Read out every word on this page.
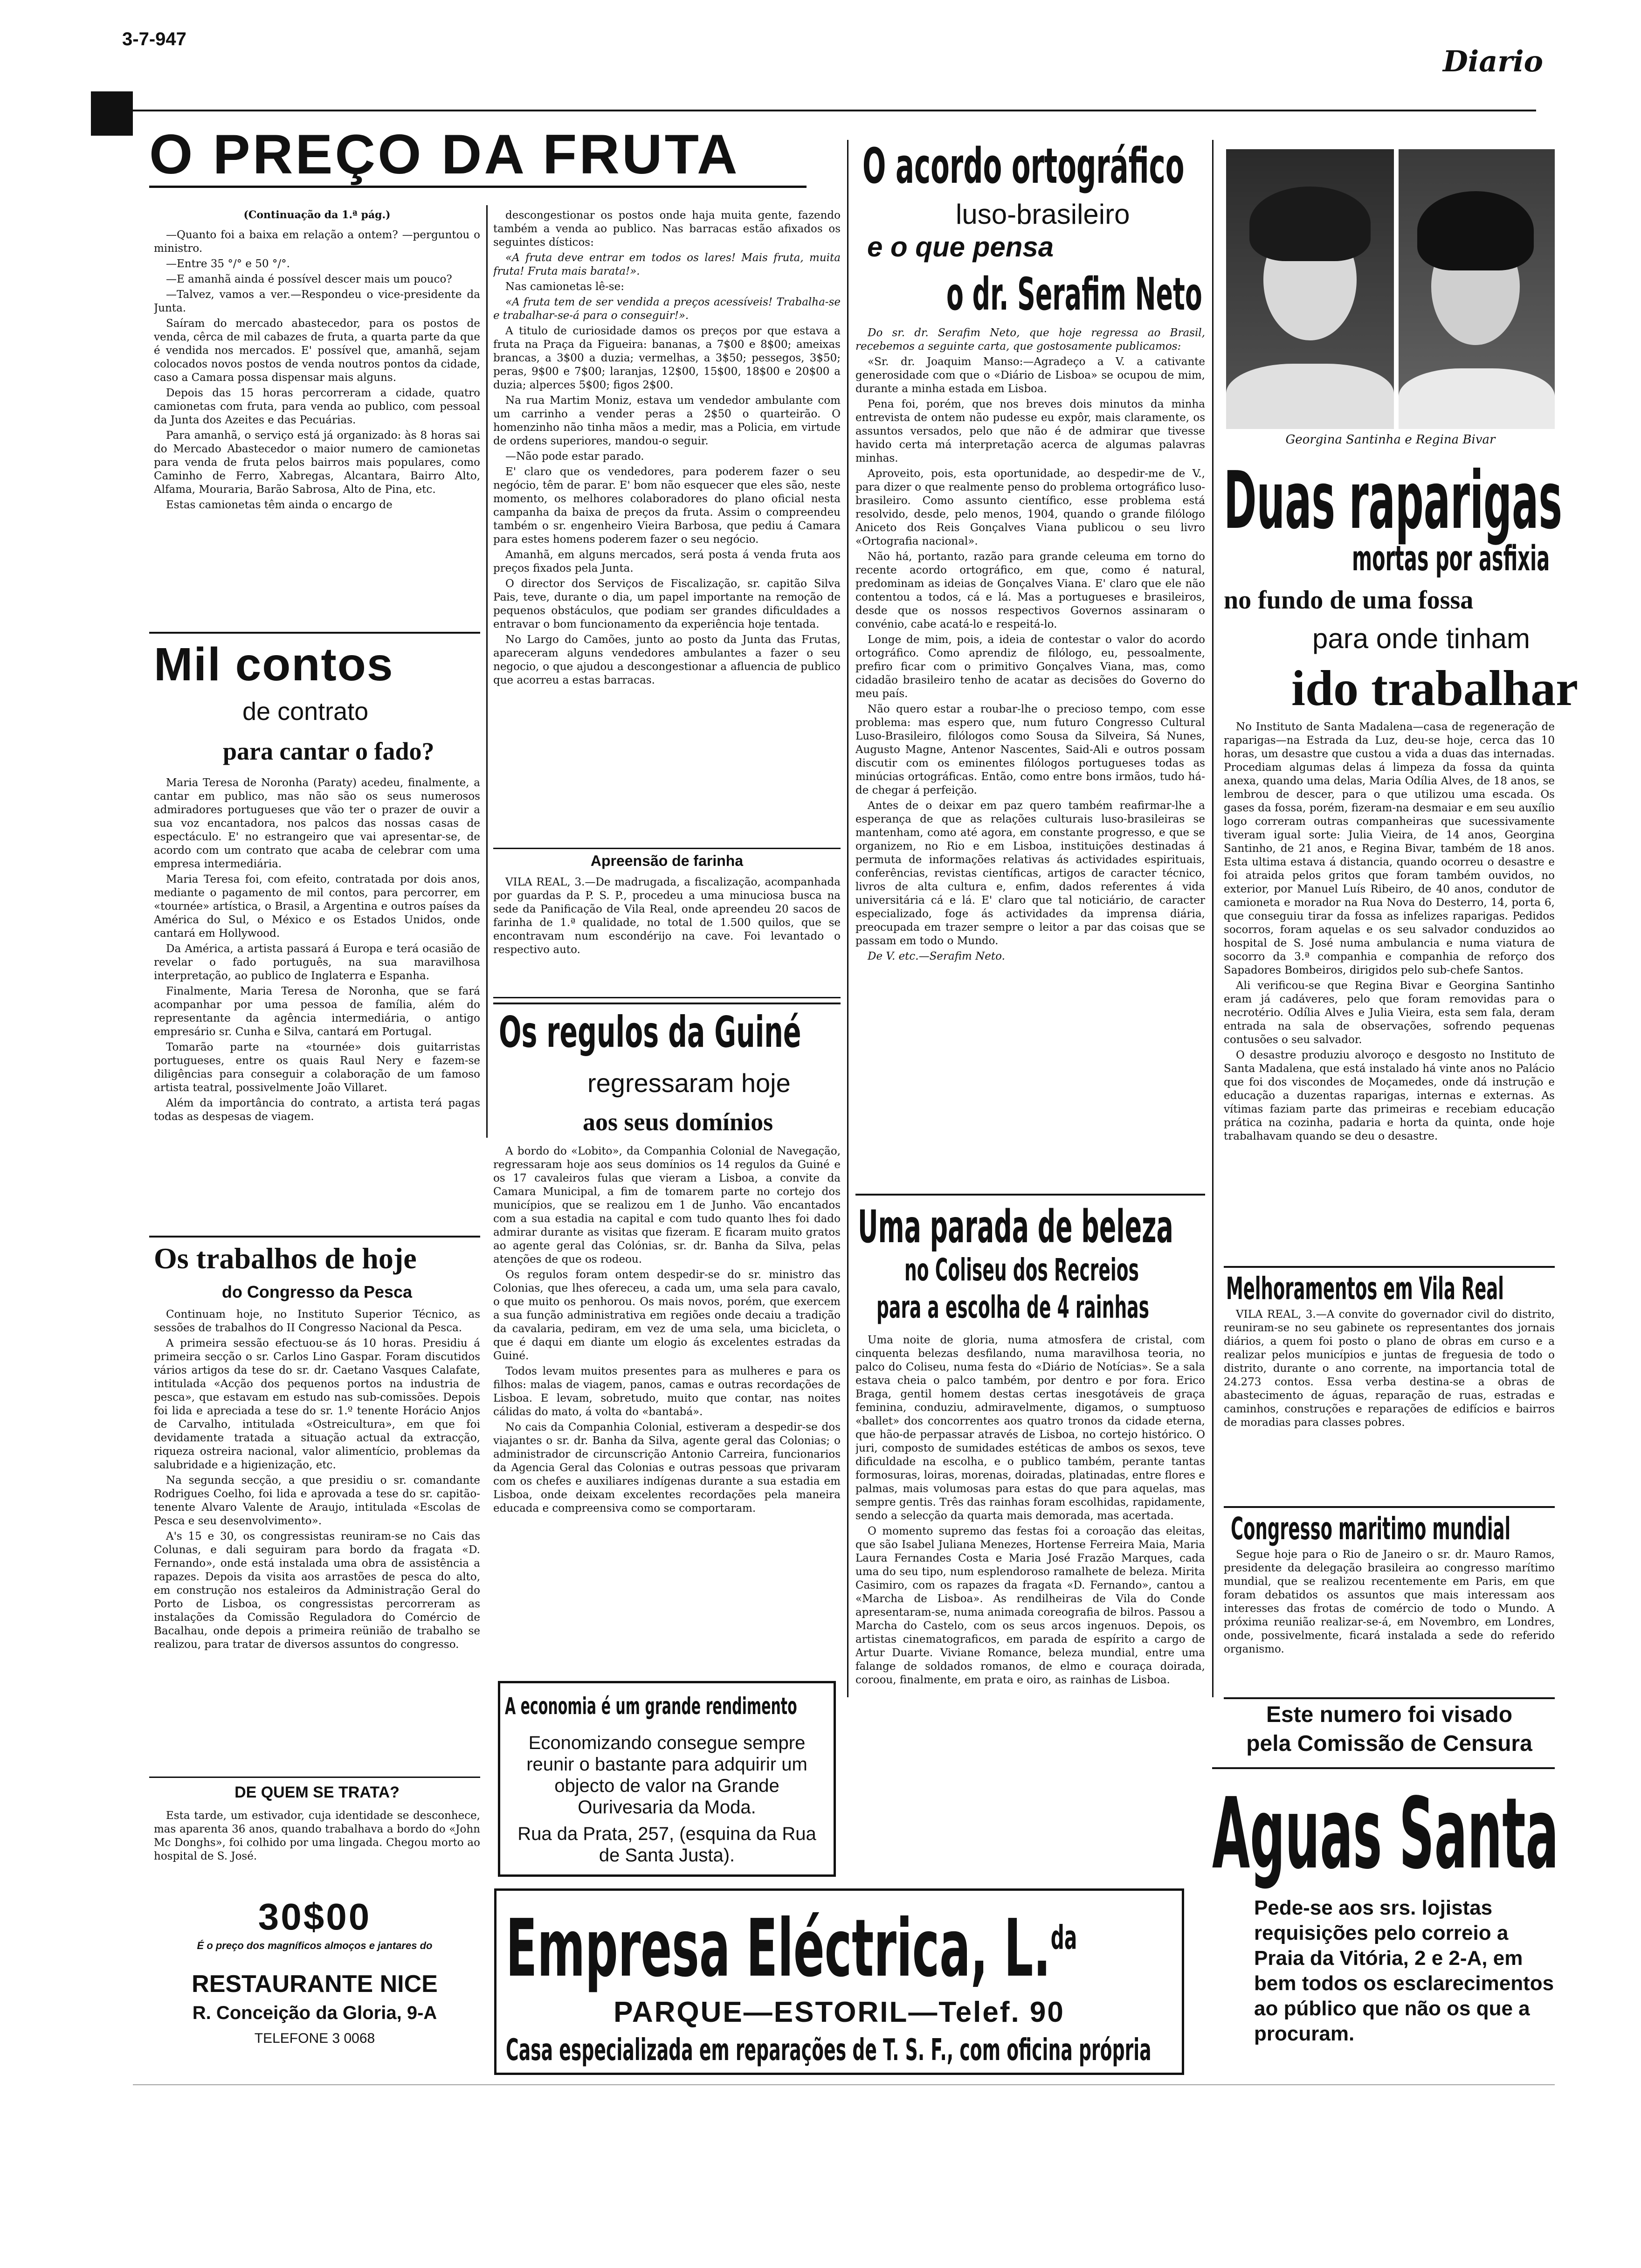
3-7-947
Diario
O PREÇO DA FRUTA
(Continuação da 1.ª pág.)

—Quanto foi a baixa em relação a ontem? —perguntou o ministro.

—Entre 35 °/° e 50 °/°.

—E amanhã ainda é possível descer mais um pouco?

—Talvez, vamos a ver.—Respondeu o vice-presidente da Junta.

Saíram do mercado abastecedor, para os postos de venda, cêrca de mil cabazes de fruta, a quarta parte da que é vendida nos mercados. E' possível que, amanhã, sejam colocados novos postos de venda noutros pontos da cidade, caso a Camara possa dispensar mais alguns.

Depois das 15 horas percorreram a cidade, quatro camionetas com fruta, para venda ao publico, com pessoal da Junta dos Azeites e das Pecuárias.

Para amanhã, o serviço está já organizado: às 8 horas sai do Mercado Abastecedor o maior numero de camionetas para venda de fruta pelos bairros mais populares, como Caminho de Ferro, Xabregas, Alcantara, Bairro Alto, Alfama, Mouraria, Barão Sabrosa, Alto de Pina, etc.

Estas camionetas têm ainda o encargo de

descongestionar os postos onde haja muita gente, fazendo também a venda ao publico. Nas barracas estão afixados os seguintes dísticos:

«A fruta deve entrar em todos os lares! Mais fruta, muita fruta! Fruta mais barata!».

Nas camionetas lê-se:

«A fruta tem de ser vendida a preços acessíveis! Trabalha-se e trabalhar-se-á para o conseguir!».

A titulo de curiosidade damos os preços por que estava a fruta na Praça da Figueira: bananas, a 7$00 e 8$00; ameixas brancas, a 3$00 a duzia; vermelhas, a 3$50; pessegos, 3$50; peras, 9$00 e 7$00; laranjas, 12$00, 15$00, 18$00 e 20$00 a duzia; alperces 5$00; figos 2$00.

Na rua Martim Moniz, estava um vendedor ambulante com um carrinho a vender peras a 2$50 o quarteirão. O homenzinho não tinha mãos a medir, mas a Policia, em virtude de ordens superiores, mandou-o seguir.

—Não pode estar parado.

E' claro que os vendedores, para poderem fazer o seu negócio, têm de parar. E' bom não esquecer que eles são, neste momento, os melhores colaboradores do plano oficial nesta campanha da baixa de preços da fruta. Assim o compreendeu também o sr. engenheiro Vieira Barbosa, que pediu á Camara para estes homens poderem fazer o seu negócio.

Amanhã, em alguns mercados, será posta á venda fruta aos preços fixados pela Junta.

O director dos Serviços de Fiscalização, sr. capitão Silva Pais, teve, durante o dia, um papel importante na remoção de pequenos obstáculos, que podiam ser grandes dificuldades a entravar o bom funcionamento da experiência hoje tentada.

No Largo do Camões, junto ao posto da Junta das Frutas, apareceram alguns vendedores ambulantes a fazer o seu negocio, o que ajudou a descongestionar a afluencia de publico que acorreu a estas barracas.

Apreensão de farinha

VILA REAL, 3.—De madrugada, a fiscalização, acompanhada por guardas da P. S. P., procedeu a uma minuciosa busca na sede da Panificação de Vila Real, onde apreendeu 20 sacos de farinha de 1.ª qualidade, no total de 1.500 quilos, que se encontravam num escondérijo na cave. Foi levantado o respectivo auto.

Mil contos
de contrato
para cantar o fado?

Maria Teresa de Noronha (Paraty) acedeu, finalmente, a cantar em publico, mas não são os seus numerosos admiradores portugueses que vão ter o prazer de ouvir a sua voz encantadora, nos palcos das nossas casas de espectáculo. E' no estrangeiro que vai apresentar-se, de acordo com um contrato que acaba de celebrar com uma empresa intermediária.

Maria Teresa foi, com efeito, contratada por dois anos, mediante o pagamento de mil contos, para percorrer, em «tournée» artística, o Brasil, a Argentina e outros países da América do Sul, o México e os Estados Unidos, onde cantará em Hollywood.

Da América, a artista passará á Europa e terá ocasião de revelar o fado português, na sua maravilhosa interpretação, ao publico de Inglaterra e Espanha.

Finalmente, Maria Teresa de Noronha, que se fará acompanhar por uma pessoa de família, além do representante da agência intermediária, o antigo empresário sr. Cunha e Silva, cantará em Portugal.

Tomarão parte na «tournée» dois guitarristas portugueses, entre os quais Raul Nery e fazem-se diligências para conseguir a colaboração de um famoso artista teatral, possivelmente João Villaret.

Além da importância do contrato, a artista terá pagas todas as despesas de viagem.

Os trabalhos de hoje
do Congresso da Pesca

Continuam hoje, no Instituto Superior Técnico, as sessões de trabalhos do II Congresso Nacional da Pesca.

A primeira sessão efectuou-se ás 10 horas. Presidiu á primeira secção o sr. Carlos Lino Gaspar. Foram discutidos vários artigos da tese do sr. dr. Caetano Vasques Calafate, intitulada «Acção dos pequenos portos na industria de pesca», que estavam em estudo nas sub-comissões. Depois foi lida e apreciada a tese do sr. 1.º tenente Horácio Anjos de Carvalho, intitulada «Ostreicultura», em que foi devidamente tratada a situação actual da extracção, riqueza ostreira nacional, valor alimentício, problemas da salubridade e a higienização, etc.

Na segunda secção, a que presidiu o sr. comandante Rodrigues Coelho, foi lida e aprovada a tese do sr. capitão-tenente Alvaro Valente de Araujo, intitulada «Escolas de Pesca e seu desenvolvimento».

A's 15 e 30, os congressistas reuniram-se no Cais das Colunas, e dali seguiram para bordo da fragata «D. Fernando», onde está instalada uma obra de assistência a rapazes. Depois da visita aos arrastões de pesca do alto, em construção nos estaleiros da Administração Geral do Porto de Lisboa, os congressistas percorreram as instalações da Comissão Reguladora do Comércio de Bacalhau, onde depois a primeira reünião de trabalho se realizou, para tratar de diversos assuntos do congresso.

DE QUEM SE TRATA?

Esta tarde, um estivador, cuja identidade se desconhece, mas aparenta 36 anos, quando trabalhava a bordo do «John Mc Donghs», foi colhido por uma lingada. Chegou morto ao hospital de S. José.

30$00
É o preço dos magníficos almoços e jantares do
RESTAURANTE NICE
R. Conceição da Gloria, 9-A
TELEFONE 3 0068
Os regulos da Guiné
regressaram hoje
aos seus domínios

A bordo do «Lobito», da Companhia Colonial de Navegação, regressaram hoje aos seus domínios os 14 regulos da Guiné e os 17 cavaleiros fulas que vieram a Lisboa, a convite da Camara Municipal, a fim de tomarem parte no cortejo dos municípios, que se realizou em 1 de Junho. Vão encantados com a sua estadia na capital e com tudo quanto lhes foi dado admirar durante as visitas que fizeram. E ficaram muito gratos ao agente geral das Colónias, sr. dr. Banha da Silva, pelas atenções de que os rodeou.

Os regulos foram ontem despedir-se do sr. ministro das Colonias, que lhes ofereceu, a cada um, uma sela para cavalo, o que muito os penhorou. Os mais novos, porém, que exercem a sua função administrativa em regiões onde decaiu a tradição da cavalaria, pediram, em vez de uma sela, uma bicicleta, o que é daqui em diante um elogio ás excelentes estradas da Guiné.

Todos levam muitos presentes para as mulheres e para os filhos: malas de viagem, panos, camas e outras recordações de Lisboa. E levam, sobretudo, muito que contar, nas noites cálidas do mato, á volta do «bantabá».

No cais da Companhia Colonial, estiveram a despedir-se dos viajantes o sr. dr. Banha da Silva, agente geral das Colonias; o administrador de circunscrição Antonio Carreira, funcionarios da Agencia Geral das Colonias e outras pessoas que privaram com os chefes e auxiliares indígenas durante a sua estadia em Lisboa, onde deixam excelentes recordações pela maneira educada e compreensiva como se comportaram.

A economia é um grande rendimento
Economizando consegue sempre reunir o bastante para adquirir um objecto de valor na Grande Ourivesaria da Moda.
Rua da Prata, 257, (esquina da Rua de Santa Justa).
O acordo ortográfico
luso-brasileiro
e o que pensa
o dr. Serafim Neto

Do sr. dr. Serafim Neto, que hoje regressa ao Brasil, recebemos a seguinte carta, que gostosamente publicamos:

«Sr. dr. Joaquim Manso:—Agradeço a V. a cativante generosidade com que o «Diário de Lisboa» se ocupou de mim, durante a minha estada em Lisboa.

Pena foi, porém, que nos breves dois minutos da minha entrevista de ontem não pudesse eu expôr, mais claramente, os assuntos versados, pelo que não é de admirar que tivesse havido certa má interpretação acerca de algumas palavras minhas.

Aproveito, pois, esta oportunidade, ao despedir-me de V., para dizer o que realmente penso do problema ortográfico luso-brasileiro. Como assunto científico, esse problema está resolvido, desde, pelo menos, 1904, quando o grande filólogo Aniceto dos Reis Gonçalves Viana publicou o seu livro «Ortografia nacional».

Não há, portanto, razão para grande celeuma em torno do recente acordo ortográfico, em que, como é natural, predominam as ideias de Gonçalves Viana. E' claro que ele não contentou a todos, cá e lá. Mas a portugueses e brasileiros, desde que os nossos respectivos Governos assinaram o convénio, cabe acatá-lo e respeitá-lo.

Longe de mim, pois, a ideia de contestar o valor do acordo ortográfico. Como aprendiz de filólogo, eu, pessoalmente, prefiro ficar com o primitivo Gonçalves Viana, mas, como cidadão brasileiro tenho de acatar as decisões do Governo do meu país.

Não quero estar a roubar-lhe o precioso tempo, com esse problema: mas espero que, num futuro Congresso Cultural Luso-Brasileiro, filólogos como Sousa da Silveira, Sá Nunes, Augusto Magne, Antenor Nascentes, Said-Ali e outros possam discutir com os eminentes filólogos portugueses todas as minúcias ortográficas. Então, como entre bons irmãos, tudo há-de chegar á perfeição.

Antes de o deixar em paz quero também reafirmar-lhe a esperança de que as relações culturais luso-brasileiras se mantenham, como até agora, em constante progresso, e que se organizem, no Rio e em Lisboa, instituições destinadas á permuta de informações relativas ás actividades espirituais, conferências, revistas científicas, artigos de caracter técnico, livros de alta cultura e, enfim, dados referentes á vida universitária cá e lá. E' claro que tal noticiário, de caracter especializado, foge ás actividades da imprensa diária, preocupada em trazer sempre o leitor a par das coisas que se passam em todo o Mundo.

De V. etc.—Serafim Neto.

Uma parada de beleza
no Coliseu dos Recreios
para a escolha de 4 rainhas

Uma noite de gloria, numa atmosfera de cristal, com cinquenta belezas desfilando, numa maravilhosa teoria, no palco do Coliseu, numa festa do «Diário de Notícias». Se a sala estava cheia o palco também, por dentro e por fora. Erico Braga, gentil homem destas certas inesgotáveis de graça feminina, conduziu, admiravelmente, digamos, o sumptuoso «ballet» dos concorrentes aos quatro tronos da cidade eterna, que hão-de perpassar através de Lisboa, no cortejo histórico. O juri, composto de sumidades estéticas de ambos os sexos, teve dificuldade na escolha, e o publico também, perante tantas formosuras, loiras, morenas, doiradas, platinadas, entre flores e palmas, mais volumosas para estas do que para aquelas, mas sempre gentis. Três das rainhas foram escolhidas, rapidamente, sendo a selecção da quarta mais demorada, mas acertada.

O momento supremo das festas foi a coroação das eleitas, que são Isabel Juliana Menezes, Hortense Ferreira Maia, Maria Laura Fernandes Costa e Maria José Frazão Marques, cada uma do seu tipo, num esplendoroso ramalhete de beleza. Mirita Casimiro, com os rapazes da fragata «D. Fernando», cantou a «Marcha de Lisboa». As rendilheiras de Vila do Conde apresentaram-se, numa animada coreografia de bilros. Passou a Marcha do Castelo, com os seus arcos ingenuos. Depois, os artistas cinematograficos, em parada de espírito a cargo de Artur Duarte. Viviane Romance, beleza mundial, entre uma falange de soldados romanos, de elmo e couraça doirada, coroou, finalmente, em prata e oiro, as rainhas de Lisboa.

Georgina Santinha e Regina Bivar
Duas raparigas
mortas por asfixia
no fundo de uma fossa
para onde tinham
ido trabalhar

No Instituto de Santa Madalena—casa de regeneração de raparigas—na Estrada da Luz, deu-se hoje, cerca das 10 horas, um desastre que custou a vida a duas das internadas. Procediam algumas delas á limpeza da fossa da quinta anexa, quando uma delas, Maria Odília Alves, de 18 anos, se lembrou de descer, para o que utilizou uma escada. Os gases da fossa, porém, fizeram-na desmaiar e em seu auxílio logo correram outras companheiras que sucessivamente tiveram igual sorte: Julia Vieira, de 14 anos, Georgina Santinho, de 21 anos, e Regina Bivar, também de 18 anos. Esta ultima estava á distancia, quando ocorreu o desastre e foi atraida pelos gritos que foram também ouvidos, no exterior, por Manuel Luís Ribeiro, de 40 anos, condutor de camioneta e morador na Rua Nova do Desterro, 14, porta 6, que conseguiu tirar da fossa as infelizes raparigas. Pedidos socorros, foram aquelas e os seu salvador conduzidos ao hospital de S. José numa ambulancia e numa viatura de socorro da 3.ª companhia e companhia de reforço dos Sapadores Bombeiros, dirigidos pelo sub-chefe Santos.

Ali verificou-se que Regina Bivar e Georgina Santinho eram já cadáveres, pelo que foram removidas para o necrotério. Odília Alves e Julia Vieira, esta sem fala, deram entrada na sala de observações, sofrendo pequenas contusões o seu salvador.

O desastre produziu alvoroço e desgosto no Instituto de Santa Madalena, que está instalado há vinte anos no Palácio que foi dos viscondes de Moçamedes, onde dá instrução e educação a duzentas raparigas, internas e externas. As vítimas faziam parte das primeiras e recebiam educação prática na cozinha, padaria e horta da quinta, onde hoje trabalhavam quando se deu o desastre.

Melhoramentos em Vila Real

VILA REAL, 3.—A convite do governador civil do distrito, reuniram-se no seu gabinete os representantes dos jornais diários, a quem foi posto o plano de obras em curso e a realizar pelos municípios e juntas de freguesia de todo o distrito, durante o ano corrente, na importancia total de 24.273 contos. Essa verba destina-se a obras de abastecimento de águas, reparação de ruas, estradas e caminhos, construções e reparações de edifícios e bairros de moradias para classes pobres.

Congresso maritimo mundial

Segue hoje para o Rio de Janeiro o sr. dr. Mauro Ramos, presidente da delegação brasileira ao congresso marítimo mundial, que se realizou recentemente em Paris, em que foram debatidos os assuntos que mais interessam aos interesses das frotas de comércio de todo o Mundo. A próxima reunião realizar-se-á, em Novembro, em Londres, onde, possivelmente, ficará instalada a sede do referido organismo.

Este numero foi visado
pela Comissão de Censura
Aguas Santa
Pede-se aos srs. lojistas requisições pelo correio a Praia da Vitória, 2 e 2-A, em bem todos os esclarecimentos ao público que não os que a procuram.
Empresa Eléctrica, L.$^{da}$
PARQUE—ESTORIL—Telef. 90
Casa especializada em reparações de T. S. F., com oficina própria
